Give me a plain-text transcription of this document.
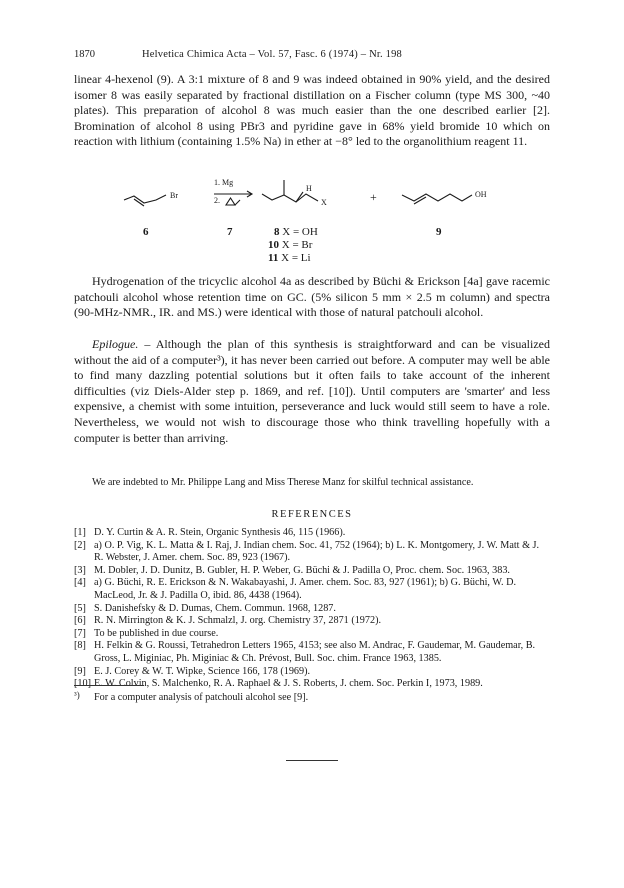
1870	Helvetica Chimica Acta – Vol. 57, Fasc. 6 (1974) – Nr. 198

linear 4-hexenol (9). A 3:1 mixture of 8 and 9 was indeed obtained in 90% yield, and the desired isomer 8 was easily separated by fractional distillation on a Fischer column (type MS 300, ~40 plates). This preparation of alcohol 8 was much easier than the one described earlier [2]. Bromination of alcohol 8 using PBr3 and pyridine gave in 68% yield bromide 10 which on reaction with lithium (containing 1.5% Na) in ether at −8° led to the organolithium reagent 11.

Br
1. Mg
2.
H
X	+	OH
6	7	9
8 X = OH
10 X = Br
11 X = Li

Hydrogenation of the tricyclic alcohol 4a as described by Büchi & Erickson [4a] gave racemic patchouli alcohol whose retention time on GC. (5% silicon 5 mm × 2.5 m column) and spectra (90-MHz-NMR., IR. and MS.) were identical with those of natural patchouli alcohol.

Epilogue. – Although the plan of this synthesis is straightforward and can be visualized without the aid of a computer³), it has never been carried out before. A computer may well be able to find many dazzling potential solutions but it often fails to take account of the inherent difficulties (viz Diels-Alder step p. 1869, and ref. [10]). Until computers are 'smarter' and less expensive, a chemist with some intuition, perseverance and luck would still seem to have a role. Nevertheless, we would not wish to discourage those who think travelling hopefully with a computer is better than arriving.

We are indebted to Mr. Philippe Lang and Miss Therese Manz for skilful technical assistance.

REFERENCES

[1] D. Y. Curtin & A. R. Stein, Organic Synthesis 46, 115 (1966).

[2] a) O. P. Vig, K. L. Matta & I. Raj, J. Indian chem. Soc. 41, 752 (1964); b) L. K. Montgomery, J. W. Matt & J. R. Webster, J. Amer. chem. Soc. 89, 923 (1967).

[3] M. Dobler, J. D. Dunitz, B. Gubler, H. P. Weber, G. Büchi & J. Padilla O, Proc. chem. Soc. 1963, 383.

[4] a) G. Büchi, R. E. Erickson & N. Wakabayashi, J. Amer. chem. Soc. 83, 927 (1961); b) G. Büchi, W. D. MacLeod, Jr. & J. Padilla O, ibid. 86, 4438 (1964).

[5] S. Danishefsky & D. Dumas, Chem. Commun. 1968, 1287.

[6] R. N. Mirrington & K. J. Schmalzl, J. org. Chemistry 37, 2871 (1972).

[7] To be published in due course.

[8] H. Felkin & G. Roussi, Tetrahedron Letters 1965, 4153; see also M. Andrac, F. Gaudemar, M. Gaudemar, B. Gross, L. Miginiac, Ph. Miginiac & Ch. Prévost, Bull. Soc. chim. France 1963, 1385.

[9] E. J. Corey & W. T. Wipke, Science 166, 178 (1969).

[10] E. W. Colvin, S. Malchenko, R. A. Raphael & J. S. Roberts, J. chem. Soc. Perkin I, 1973, 1989.

³) For a computer analysis of patchouli alcohol see [9].
